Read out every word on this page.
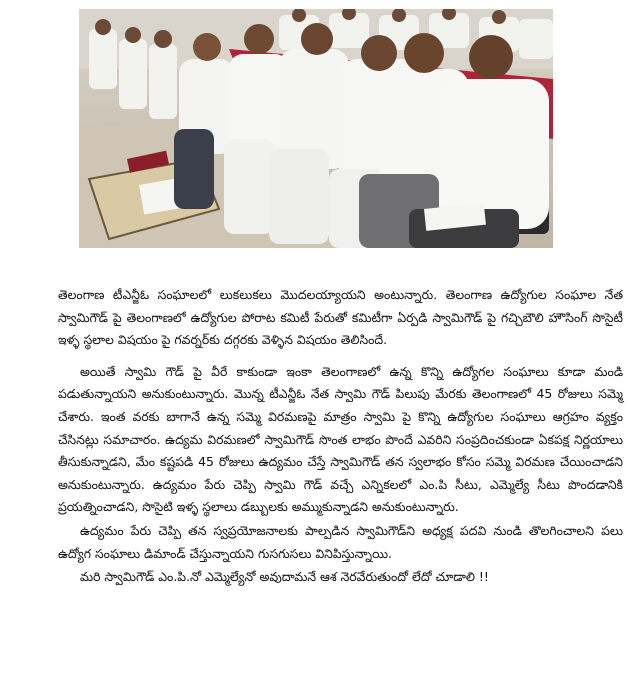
తెలంగాణ టీఎన్జీఓ సంఘాలలో లుకలుకలు మొదలయ్యాయని అంటున్నారు. తెలంగాణ ఉద్యోగుల సంఘాల నేత స్వామిగౌడ్ పై తెలంగాణలో ఉద్యోగుల పోరాట కమిటీ పేరుతో కమిటీగా ఏర్పడి స్వామిగౌడ్ పై గచ్చిబౌలి హౌసింగ్ సొసైటీ ఇళ్ళ స్థలాల విషయం పై గవర్నర్‌కు దగ్గరకు వెళ్ళిన విషయం తెలిసిందే.

అయితే స్వామి గౌడ్ పై వీరే కాకుండా ఇంకా తెలంగాణలో ఉన్న కొన్ని ఉద్యోగల సంఘాలు కూడా మండి పడుతున్నాయని అనుకుంటున్నారు. మొన్న టీఎన్జీఓ నేత స్వామి గౌడ్ పిలుపు మేరకు తెలంగాణలో 45 రోజులు సమ్మె చేశారు. ఇంత వరకు బాగానే ఉన్న సమ్మె విరమణపై మాత్రం స్వామి పై కొన్ని ఉద్యోగుల సంఘాలు ఆగ్రహం వ్యక్తం చేసినట్లు సమాచారం. ఉద్యమ విరమణలో స్వామిగౌడ్ సొంత లాభం పొందే ఎవరిని సంప్రదించకుండా ఏకపక్ష నిర్ణయాలు తీసుకున్నాడని, మేం కష్టపడి 45 రోజులు ఉద్యమం చేస్తే స్వామిగౌడ్ తన స్వలాభం కోసం సమ్మె విరమణ చేయించాడని అనుకుంటున్నారు. ఉద్యమం పేరు చెప్పి స్వామి గౌడ్ వచ్చే ఎన్నికలలో ఎం.పి సీటు, ఎమ్మెల్యే సీటు పొందడానికి ప్రయత్నించాడని, సొసైటి ఇళ్ళ స్థలాలు డబ్బులకు అమ్ముకున్నాడని అనుకుంటున్నారు.

ఉద్యమం పేరు చెప్పి తన స్వప్రయోజనాలకు పాల్పడిన స్వామిగౌడ్‌ని అధ్యక్ష పదవి నుండి తొలగించాలని పలు ఉద్యోగ సంఘాలు డిమాండ్ చేస్తున్నాయని గుసగుసలు వినిపిస్తున్నాయి.

మరి స్వామిగౌడ్ ఎం.పి.నో ఎమ్మెల్యేనో అవుదామనే ఆశ నెరవేరుతుందో లేదో చూడాలి !!
